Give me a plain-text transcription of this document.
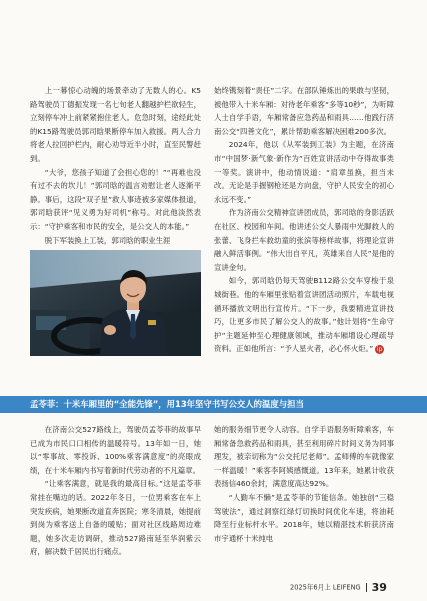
上一幕惊心动魄的场景牵动了无数人的心。K5路驾驶员丁德振发现一名七旬老人翻越护栏欲轻生，立刻停车冲上前紧紧抱住老人。危急时刻，途经此处的K15路驾驶员郭司晗果断停车加入救援。两人合力将老人拉回护栏内，耐心劝导近半小时，直至民警赶到。

“大爷，您孩子知道了会担心您的！”“再难也没有过不去的坎儿！”郭司晗的温言劝慰让老人逐渐平静。事后，这段“双子星”救人事迹被多家媒体报道，郭司晗获评“见义勇为好司机”称号。对此他淡然表示：“守护乘客和市民的安全，是公交人的本能。”

脱下军装换上工装，郭司晗的职业生涯

始终镌刻着“责任”二字。在部队锤炼出的果敢与坚韧，被他带入十米车厢：对待老年乘客“多等10秒”，为听障人士自学手语，车厢常备应急药品和雨具……他践行济南公交“四善文化”，累计帮助乘客解决困难200多次。

2024年，他以《从军装到工装》为主题，在济南市“中国梦·新气象·新作为”百姓宣讲活动中夺得故事类一等奖。演讲中，他动情说道：“肩章虽换，担当未改。无论是手握钢枪还是方向盘，守护人民安全的初心永远不变。”

作为济南公交精神宣讲团成员，郭司晗的身影活跃在社区、校园和车间。他讲述公交人暴雨中光脚救人的张蕾、飞身拦车救幼童的张滨等榜样故事，将理论宣讲融入鲜活事例。“伟大出自平凡，英雄来自人民”是他的宣讲金句。

如今，郭司晗仍每天驾驶B112路公交车穿梭于泉城街巷。他的车厢里张贴着宣讲团活动照片，车载电视循环播放文明出行宣传片。“下一步，我要精进宣讲技巧，让更多市民了解公交人的故事。”他计划将“生命守护”主题延伸至心理健康领域，推动车厢增设心理疏导资料。正如他所言：“予人星火者，必心怀火炬。” ip

孟苓菲：十米车厢里的“全能先锋”，用13年坚守书写公交人的温度与担当

在济南公交527路线上，驾驶员孟苓菲的故事早已成为市民口口相传的温暖符号。13年如一日，她以“零事故、零投诉、100%乘客满意度”的亮眼成绩，在十米车厢内书写着新时代劳动者的不凡篇章。

“让乘客满意，就是我的最高目标。”这是孟苓菲常挂在嘴边的话。2022年冬日，一位男乘客在车上突发疾病，她果断改道直奔医院；寒冬清晨，她提前到岗为乘客送上自备的暖贴；面对社区线路周边难题，她多次走访调研，推动527路南延至华润紫云府，解决数千居民出行痛点。

她的服务细节更令人动容。自学手语服务听障乘客，车厢常备急救药品和雨具，甚至利用碎片时间义务为同事理发，被亲切称为“公交托尼老师”。孟师傅的车就像家一样温暖！”乘客李阿姨感慨道。13年来，她累计收获表扬信460余封，满意度高达92%。

“人勤车不懒”是孟苓菲的节能信条。她独创“三稳驾驶法”，通过洞察红绿灯切换时间优化车速，将油耗降至行业标杆水平。2018年，她以精湛技术斩获济南市宇通杯十米纯电

2025年6月上 LEIFENG 39
